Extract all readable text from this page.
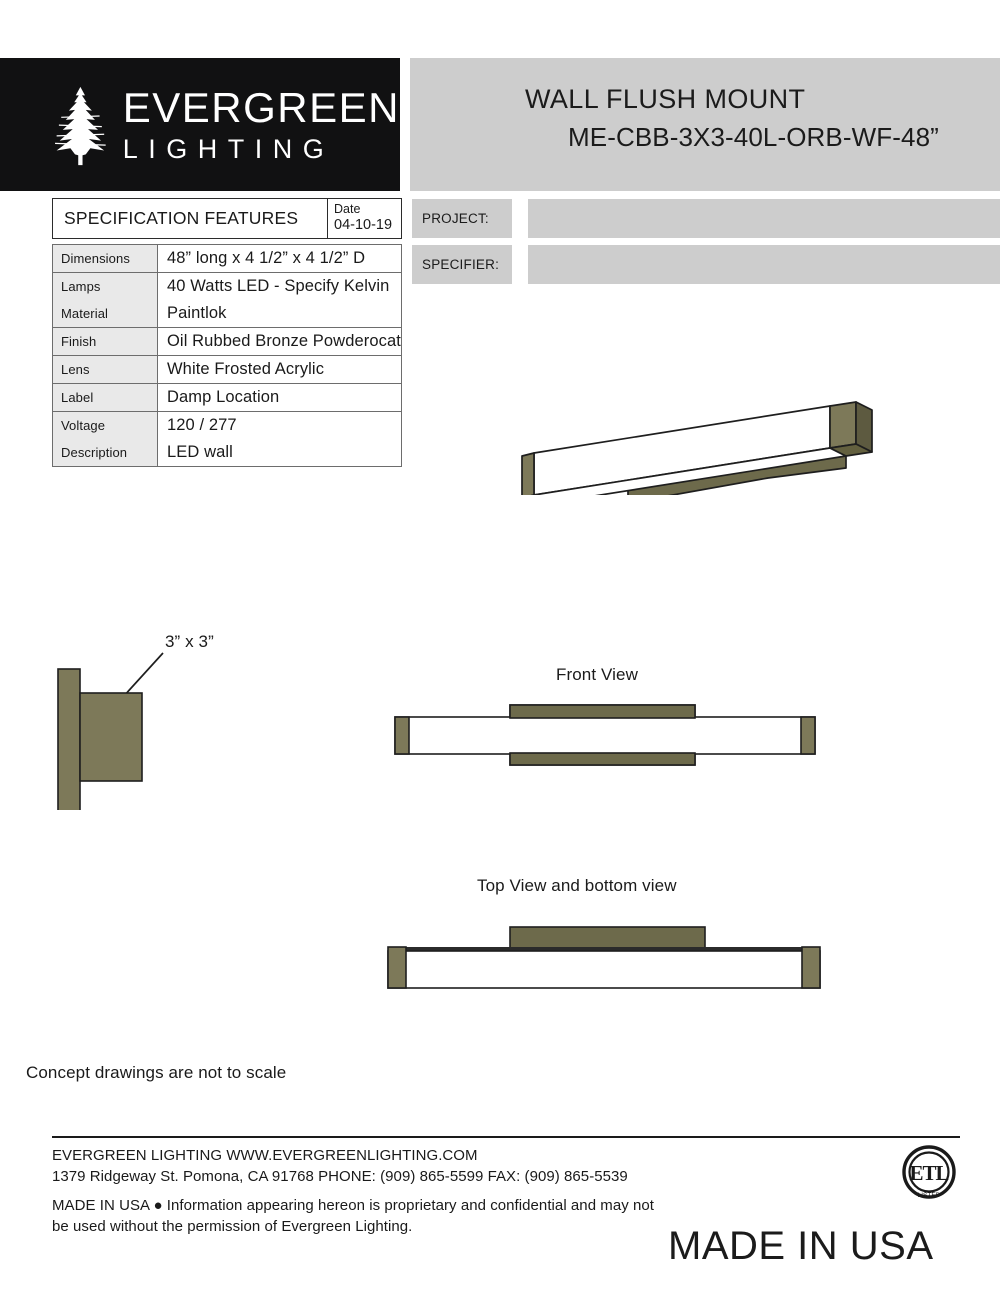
EVERGREEN
LIGHTING
WALL FLUSH MOUNT
ME-CBB-3X3-40L-ORB-WF-48”
SPECIFICATION FEATURES	Date
04-10-19
Dimensions	48” long x 4 1/2” x 4 1/2” D
Lamps	40 Watts LED - Specify Kelvin
Material	Paintlok
Finish	Oil Rubbed Bronze Powderocat
Lens	White Frosted Acrylic
Label	Damp Location
Voltage	120 / 277
Description	LED wall
PROJECT:
SPECIFIER:
3” x 3”
Front View
Top View and bottom view
Concept drawings are not to scale
EVERGREEN LIGHTING WWW.EVERGREENLIGHTING.COM
1379 Ridgeway St. Pomona, CA 91768 PHONE: (909) 865-5599 FAX: (909) 865-5539
MADE IN USA ● Information appearing hereon is proprietary and confidential and may not
be used without the permission of Evergreen Lighting.
ETL
LISTED
MADE IN USA
